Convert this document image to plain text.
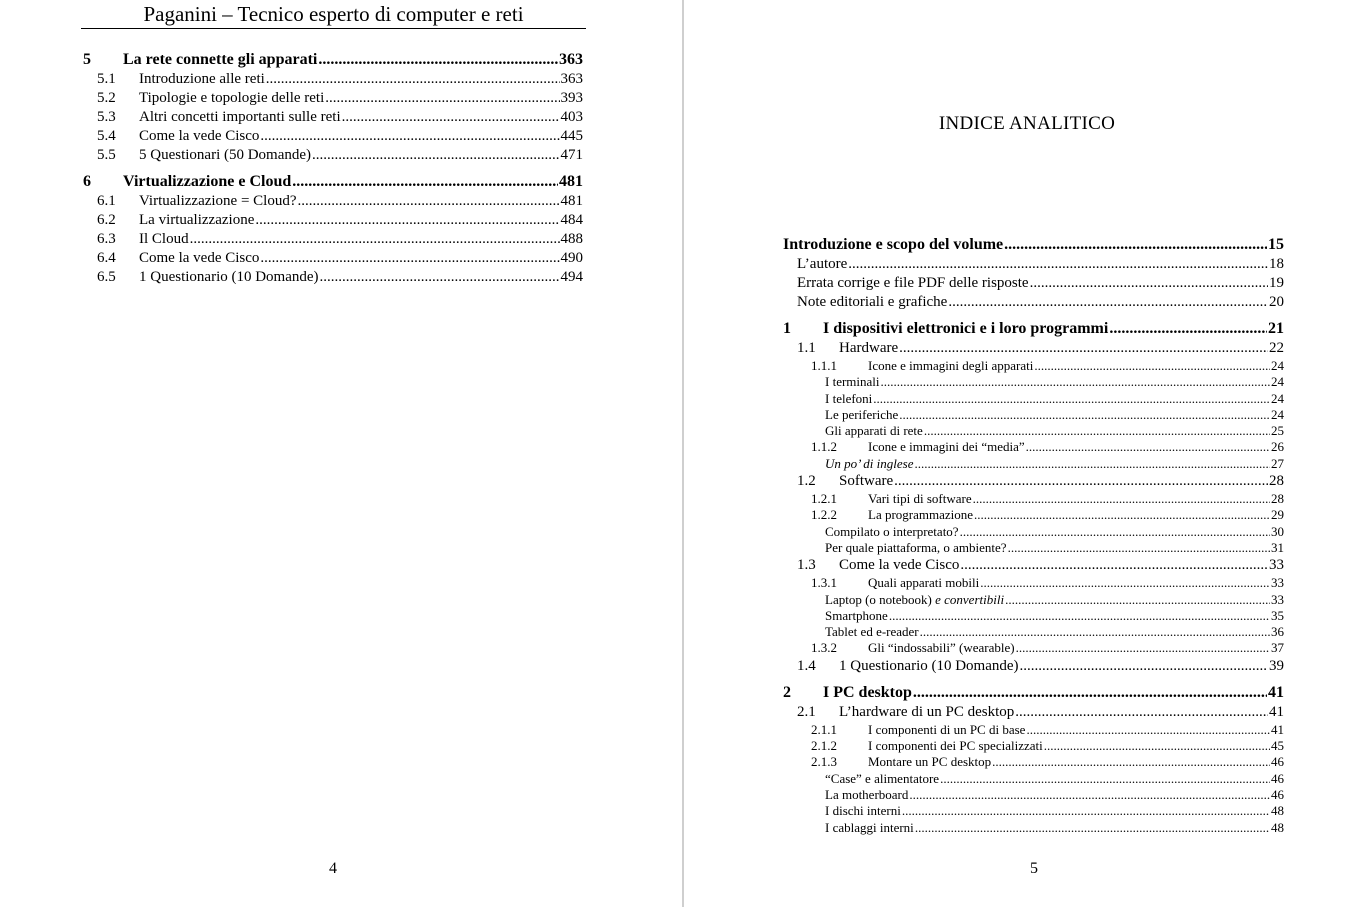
Paganini – Tecnico esperto di computer e reti
5	La rete connette gli apparati .....	363
5.1	Introduzione alle reti .....	363
5.2	Tipologie e topologie delle reti .....	393
5.3	Altri concetti importanti sulle reti .....	403
5.4	Come la vede Cisco .....	445
5.5	5 Questionari (50 Domande) .....	471
6	Virtualizzazione e Cloud .....	481
6.1	Virtualizzazione = Cloud? .....	481
6.2	La virtualizzazione .....	484
6.3	Il Cloud .....	488
6.4	Come la vede Cisco .....	490
6.5	1 Questionario (10 Domande) .....	494
4
INDICE ANALITICO
Introduzione e scopo del volume .....	15
L’autore .....	18
Errata corrige e file PDF delle risposte .....	19
Note editoriali e grafiche .....	20
1	I dispositivi elettronici e i loro programmi .....	21
1.1	Hardware .....	22
1.1.1	Icone e immagini degli apparati .....	24
I terminali .....	24
I telefoni .....	24
Le periferiche .....	24
Gli apparati di rete .....	25
1.1.2	Icone e immagini dei “media” .....	26
Un po’ di inglese .....	27
1.2	Software .....	28
1.2.1	Vari tipi di software .....	28
1.2.2	La programmazione .....	29
Compilato o interpretato? .....	30
Per quale piattaforma, o ambiente? .....	31
1.3	Come la vede Cisco .....	33
1.3.1	Quali apparati mobili .....	33
Laptop (o notebook) e convertibili .....	33
Smartphone .....	35
Tablet ed e-reader .....	36
1.3.2	Gli “indossabili” (wearable) .....	37
1.4	1 Questionario (10 Domande) .....	39
2	I PC desktop .....	41
2.1	L’hardware di un PC desktop .....	41
2.1.1	I componenti di un PC di base .....	41
2.1.2	I componenti dei PC specializzati .....	45
2.1.3	Montare un PC desktop .....	46
“Case” e alimentatore .....	46
La motherboard .....	46
I dischi interni .....	48
I cablaggi interni .....	48
5
